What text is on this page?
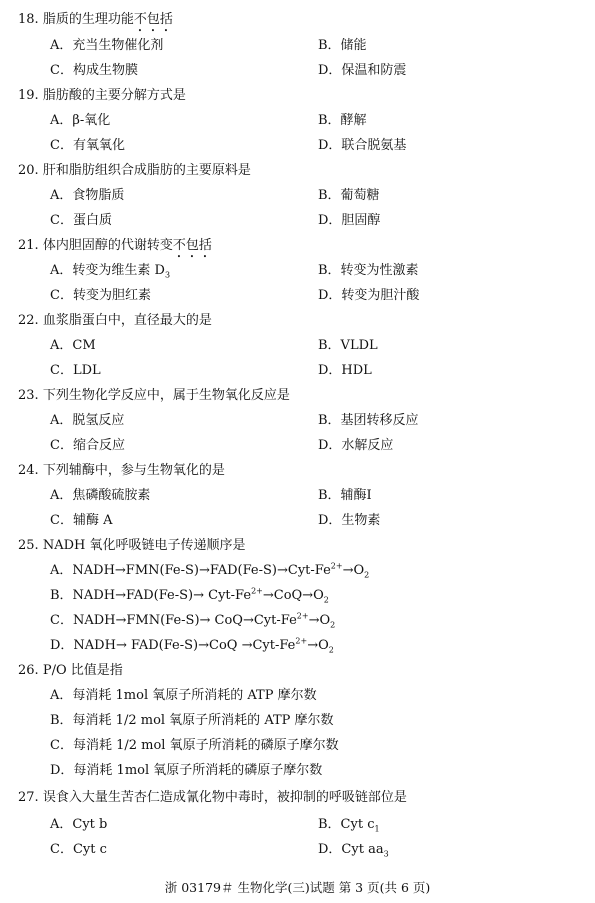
18. 脂质的生理功能不包括
A．充当生物催化剂	B．储能
C．构成生物膜	D．保温和防震
19. 脂肪酸的主要分解方式是
A．β-氧化	B．酵解
C．有氧氧化	D．联合脱氨基
20. 肝和脂肪组织合成脂肪的主要原料是
A．食物脂质	B．葡萄糖
C．蛋白质	D．胆固醇
21. 体内胆固醇的代谢转变不包括
A．转变为维生素 $D_3$	B．转变为性激素
C．转变为胆红素	D．转变为胆汁酸
22. 血浆脂蛋白中，直径最大的是
A．CM	B．VLDL
C．LDL	D．HDL
23. 下列生物化学反应中，属于生物氧化反应是
A．脱氢反应	B．基团转移反应
C．缩合反应	D．水解反应
24. 下列辅酶中，参与生物氧化的是
A．焦磷酸硫胺素	B．辅酶Ⅰ
C．辅酶 A	D．生物素
25. NADH 氧化呼吸链电子传递顺序是
A．$NADH\to FMN(Fe-S)\to FAD(Fe-S)\to Cyt-Fe^{2+}\to O_2$
B．NADH→FAD(Fe-S)→ Cyt-$Fe^{2+}\to CoQ\to O_2$
C．NADH→FMN(Fe-S)→ $CoQ\to Cyt-Fe^{2+}\to O_2$
D．NADH→ $FAD(Fe-S)\to CoQ \to Cyt-Fe^{2+}\to O_2$
26. P/O 比值是指
A．每消耗 1mol 氧原子所消耗的 ATP 摩尔数
B．每消耗 1/2 mol 氧原子所消耗的 ATP 摩尔数
C．每消耗 1/2 mol 氧原子所消耗的磷原子摩尔数
D．每消耗 1mol 氧原子所消耗的磷原子摩尔数
27. 误食入大量生苦杏仁造成氰化物中毒时，被抑制的呼吸链部位是
A．Cyt b	B．Cyt $c_1$
C．Cyt c	D．Cyt $aa_3$
浙 03179＃ 生物化学(三)试题 第 3 页(共 6 页)
